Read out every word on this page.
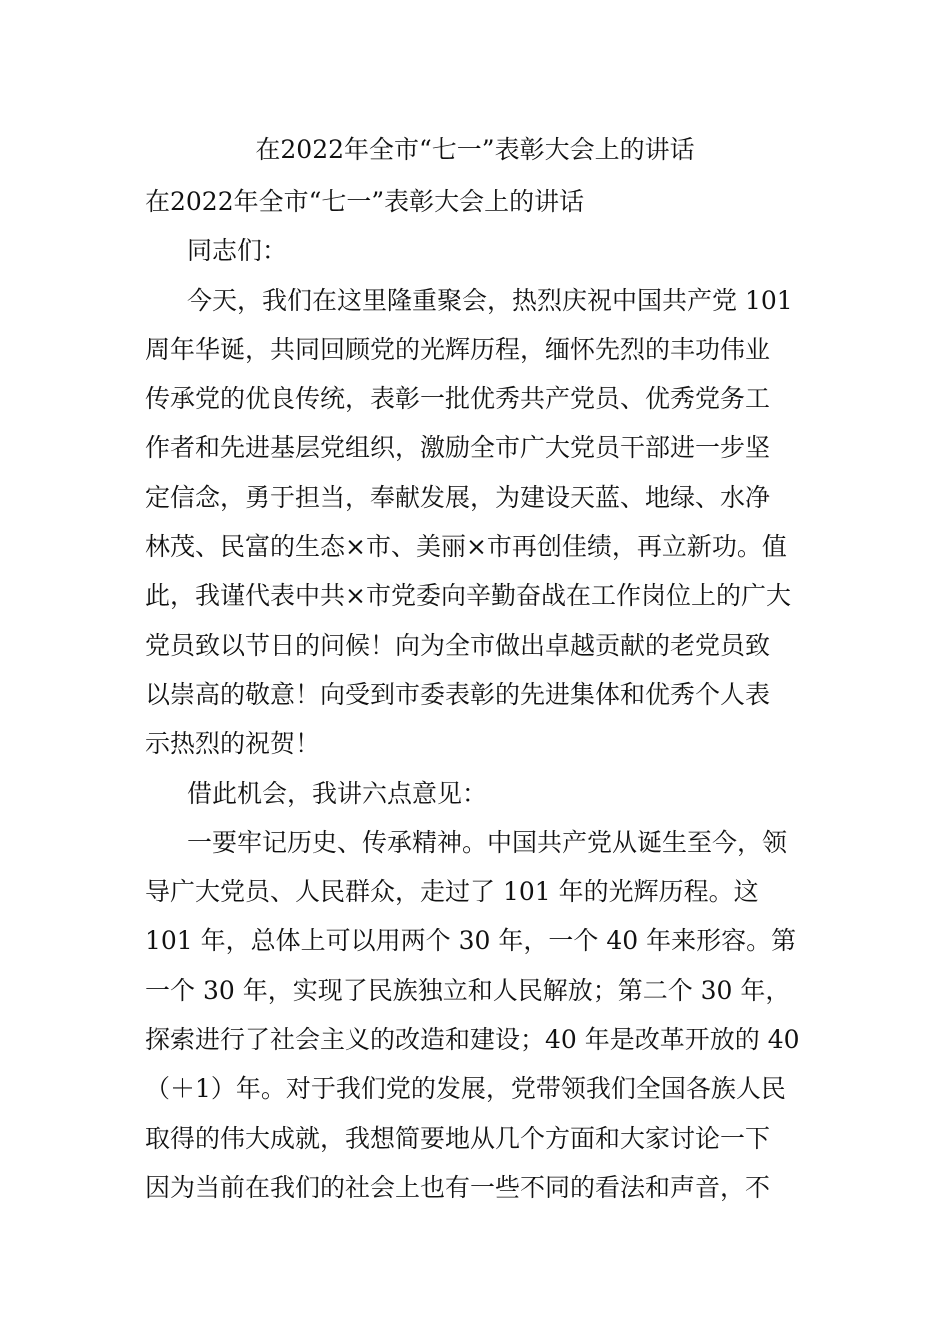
在2022年全市“七一”表彰大会上的讲话
在2022年全市“七一”表彰大会上的讲话
同志们：
今天，我们在这里隆重聚会，热烈庆祝中国共产党 101
周年华诞，共同回顾党的光辉历程，缅怀先烈的丰功伟业
传承党的优良传统，表彰一批优秀共产党员、优秀党务工
作者和先进基层党组织，激励全市广大党员干部进一步坚
定信念，勇于担当，奉献发展，为建设天蓝、地绿、水净
林茂、民富的生态×市、美丽×市再创佳绩，再立新功。值
此，我谨代表中共×市党委向辛勤奋战在工作岗位上的广大
党员致以节日的问候！向为全市做出卓越贡献的老党员致
以崇高的敬意！向受到市委表彰的先进集体和优秀个人表
示热烈的祝贺！
借此机会，我讲六点意见：
一要牢记历史、传承精神。中国共产党从诞生至今，领
导广大党员、人民群众，走过了 101 年的光辉历程。这
101 年，总体上可以用两个 30 年，一个 40 年来形容。第
一个 30 年，实现了民族独立和人民解放；第二个 30 年，
探索进行了社会主义的改造和建设；40 年是改革开放的 40
（＋1）年。对于我们党的发展，党带领我们全国各族人民
取得的伟大成就，我想简要地从几个方面和大家讨论一下
因为当前在我们的社会上也有一些不同的看法和声音，不
